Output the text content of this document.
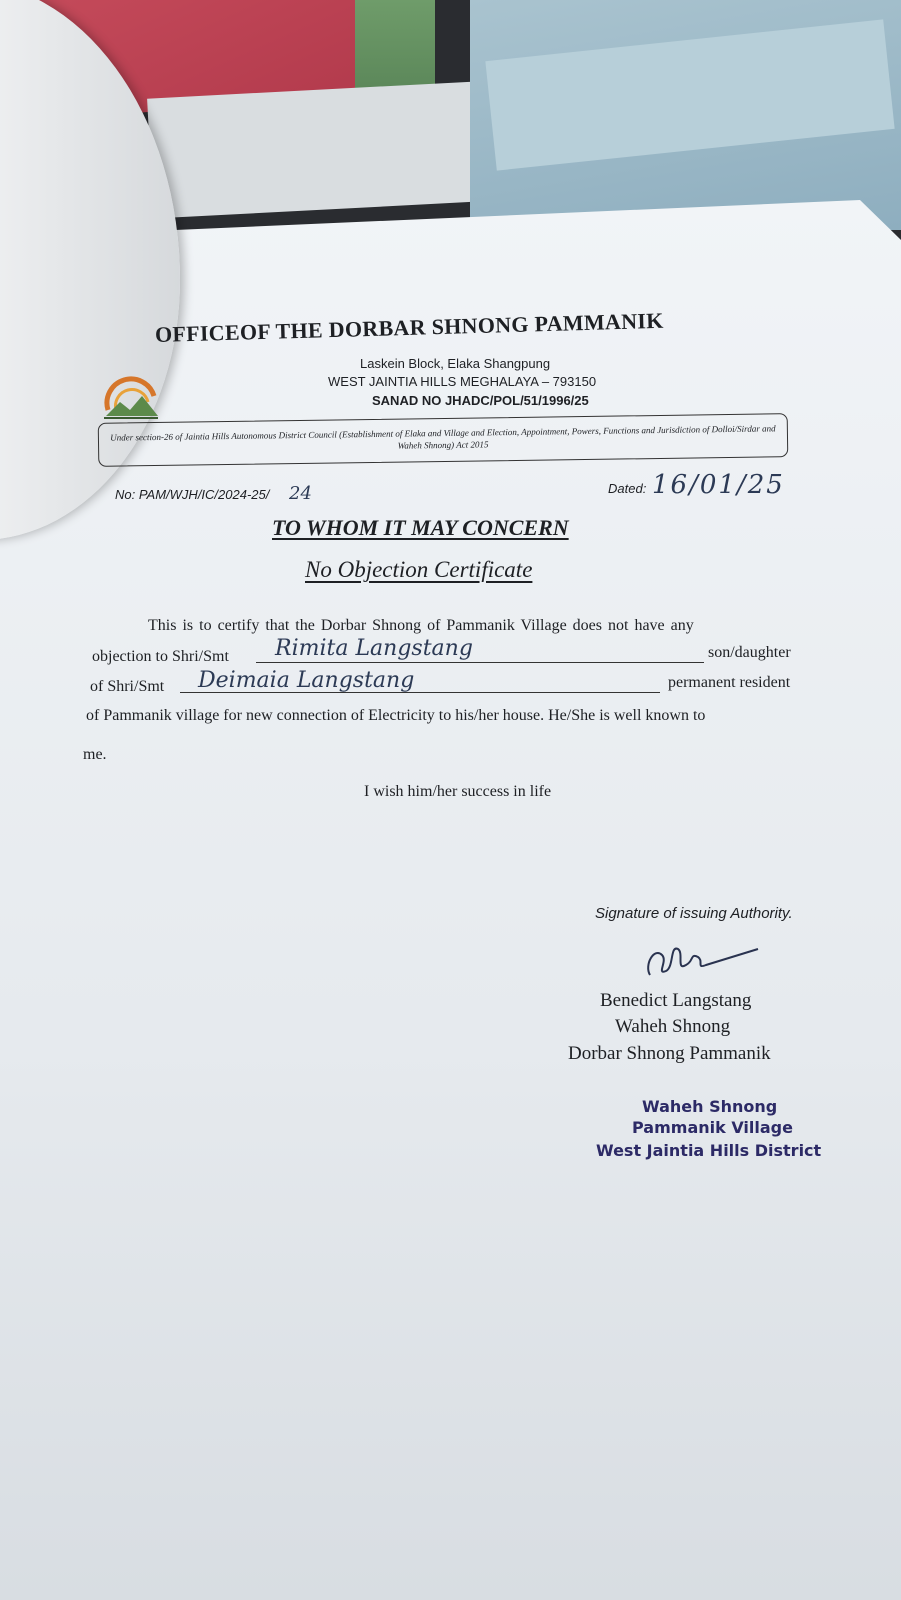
OFFICEOF THE DORBAR SHNONG PAMMANIK
Laskein Block, Elaka Shangpung
WEST JAINTIA HILLS MEGHALAYA – 793150
SANAD NO JHADC/POL/51/1996/25
Under section-26 of Jaintia Hills Autonomous District Council (Establishment of Elaka and Village and Election, Appointment, Powers, Functions and Jurisdiction of Dolloi/Sirdar and Waheh Shnong) Act 2015
No: PAM/WJH/IC/2024-25/ 24	Dated: 16/01/25
TO WHOM IT MAY CONCERN
No Objection Certificate
This is to certify that the Dorbar Shnong of Pammanik Village does not have any
objection to Shri/Smt Rimita Langstang	son/daughter
of Shri/Smt Deimaia Langstang	permanent resident
of Pammanik village for new connection of Electricity to his/her house. He/She is well known to
me.
I wish him/her success in life
Signature of issuing Authority.
Benedict Langstang
Waheh Shnong
Dorbar Shnong Pammanik
Waheh Shnong
Pammanik Village
West Jaintia Hills District
